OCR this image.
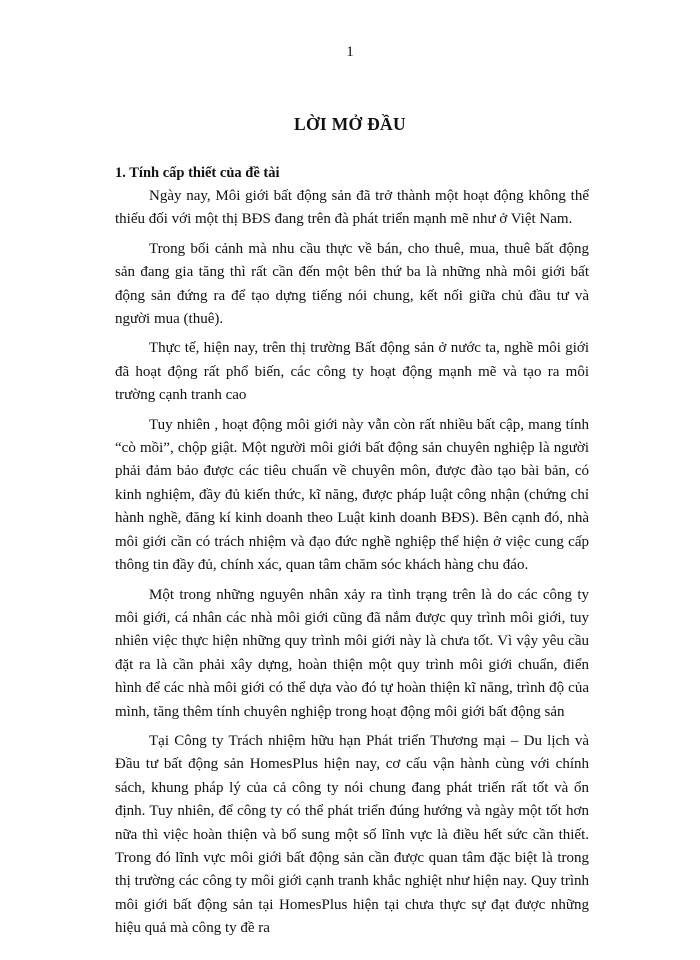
1

LỜI MỞ ĐẦU
1. Tính cấp thiết của đề tài

Ngày nay, Môi giới bất động sản đã trở thành một hoạt động không thể thiếu đối với một thị BĐS đang trên đà phát triển mạnh mẽ như ở Việt Nam.

Trong bối cảnh mà nhu cầu thực về bán, cho thuê, mua, thuê bất động sản đang gia tăng thì rất cần đến một bên thứ ba là những nhà môi giới bất động sản đứng ra để tạo dựng tiếng nói chung, kết nối giữa chủ đầu tư và người mua (thuê).

Thực tế, hiện nay, trên thị trường Bất động sản ở nước ta, nghề môi giới đã hoạt động rất phổ biến, các công ty hoạt động mạnh mẽ và tạo ra môi trường cạnh tranh cao

Tuy nhiên , hoạt động môi giới này vẫn còn rất nhiều bất cập, mang tính “cò mồi”, chộp giật. Một người môi giới bất động sản chuyên nghiệp là người phải đảm bảo được các tiêu chuẩn về chuyên môn, được đào tạo bài bản, có kinh nghiệm, đầy đủ kiến thức, kĩ năng, được pháp luật công nhận (chứng chỉ hành nghề, đăng kí kinh doanh theo Luật kinh doanh BĐS). Bên cạnh đó, nhà môi giới cần có trách nhiệm và đạo đức nghề nghiệp thể hiện ở việc cung cấp thông tin đầy đủ, chính xác, quan tâm chăm sóc khách hàng chu đáo.

Một trong những nguyên nhân xảy ra tình trạng trên là do các công ty môi giới, cá nhân các nhà môi giới cũng đã nắm được quy trình môi giới, tuy nhiên việc thực hiện những quy trình môi giới này là chưa tốt. Vì vậy yêu cầu đặt ra là cần phải xây dựng, hoàn thiện một quy trình môi giới chuẩn, điển hình để các nhà môi giới có thể dựa vào đó tự hoàn thiện kĩ năng, trình độ của mình, tăng thêm tính chuyên nghiệp trong hoạt động môi giới bất động sản

Tại Công ty Trách nhiệm hữu hạn Phát triển Thương mại – Du lịch và Đầu tư bất động sản HomesPlus hiện nay, cơ cấu vận hành cùng với chính sách, khung pháp lý của cả công ty nói chung đang phát triển rất tốt và ổn định. Tuy nhiên, để công ty có thể phát triển đúng hướng và ngày một tốt hơn nữa thì việc hoàn thiện và bổ sung một số lĩnh vực là điều hết sức cần thiết. Trong đó lĩnh vực môi giới bất động sản cần được quan tâm đặc biệt là trong thị trường các công ty môi giới cạnh tranh khắc nghiệt như hiện nay. Quy trình môi giới bất động sản tại HomesPlus hiện tại chưa thực sự đạt được những hiệu quả mà công ty đề ra
